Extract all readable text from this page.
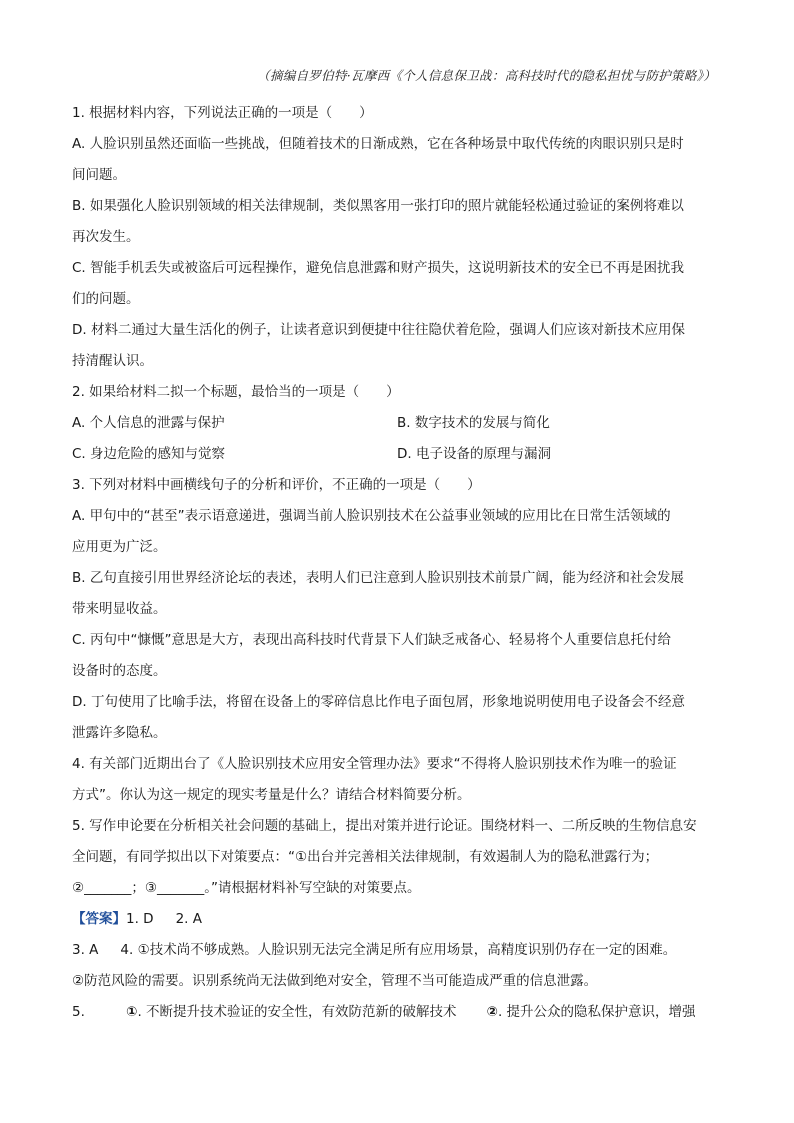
（摘编自罗伯特·瓦摩西《个人信息保卫战：高科技时代的隐私担忧与防护策略》）
1. 根据材料内容，下列说法正确的一项是（　　）
A. 人脸识别虽然还面临一些挑战，但随着技术的日渐成熟，它在各种场景中取代传统的肉眼识别只是时
间问题。
B. 如果强化人脸识别领域的相关法律规制，类似黑客用一张打印的照片就能轻松通过验证的案例将难以
再次发生。
C. 智能手机丢失或被盗后可远程操作，避免信息泄露和财产损失，这说明新技术的安全已不再是困扰我
们的问题。
D. 材料二通过大量生活化的例子，让读者意识到便捷中往往隐伏着危险，强调人们应该对新技术应用保
持清醒认识。
2. 如果给材料二拟一个标题，最恰当的一项是（　　）
A. 个人信息的泄露与保护	B. 数字技术的发展与简化
C. 身边危险的感知与觉察	D. 电子设备的原理与漏洞
3. 下列对材料中画横线句子的分析和评价，不正确的一项是（　　）
A. 甲句中的“甚至”表示语意递进，强调当前人脸识别技术在公益事业领域的应用比在日常生活领域的
应用更为广泛。
B. 乙句直接引用世界经济论坛的表述，表明人们已注意到人脸识别技术前景广阔，能为经济和社会发展
带来明显收益。
C. 丙句中“慷慨”意思是大方，表现出高科技时代背景下人们缺乏戒备心、轻易将个人重要信息托付给
设备时的态度。
D. 丁句使用了比喻手法，将留在设备上的零碎信息比作电子面包屑，形象地说明使用电子设备会不经意
泄露许多隐私。
4. 有关部门近期出台了《人脸识别技术应用安全管理办法》要求“不得将人脸识别技术作为唯一的验证
方式”。你认为这一规定的现实考量是什么？请结合材料简要分析。
5. 写作申论要在分析相关社会问题的基础上，提出对策并进行论证。围绕材料一、二所反映的生物信息安
全问题，有同学拟出以下对策要点：“①出台并完善相关法律规制，有效遏制人为的隐私泄露行为；
②_______；③_______。”请根据材料补写空缺的对策要点。
【答案】 1. D 2. A
3. A 4. ①技术尚不够成熟。人脸识别无法完全满足所有应用场景，高精度识别仍存在一定的困难。
②防范风险的需要。识别系统尚无法做到绝对安全，管理不当可能造成严重的信息泄露。
5.	① . 不断提升技术验证的安全性，有效防范新的破解技术 ② . 提升公众的隐私保护意识，增强
